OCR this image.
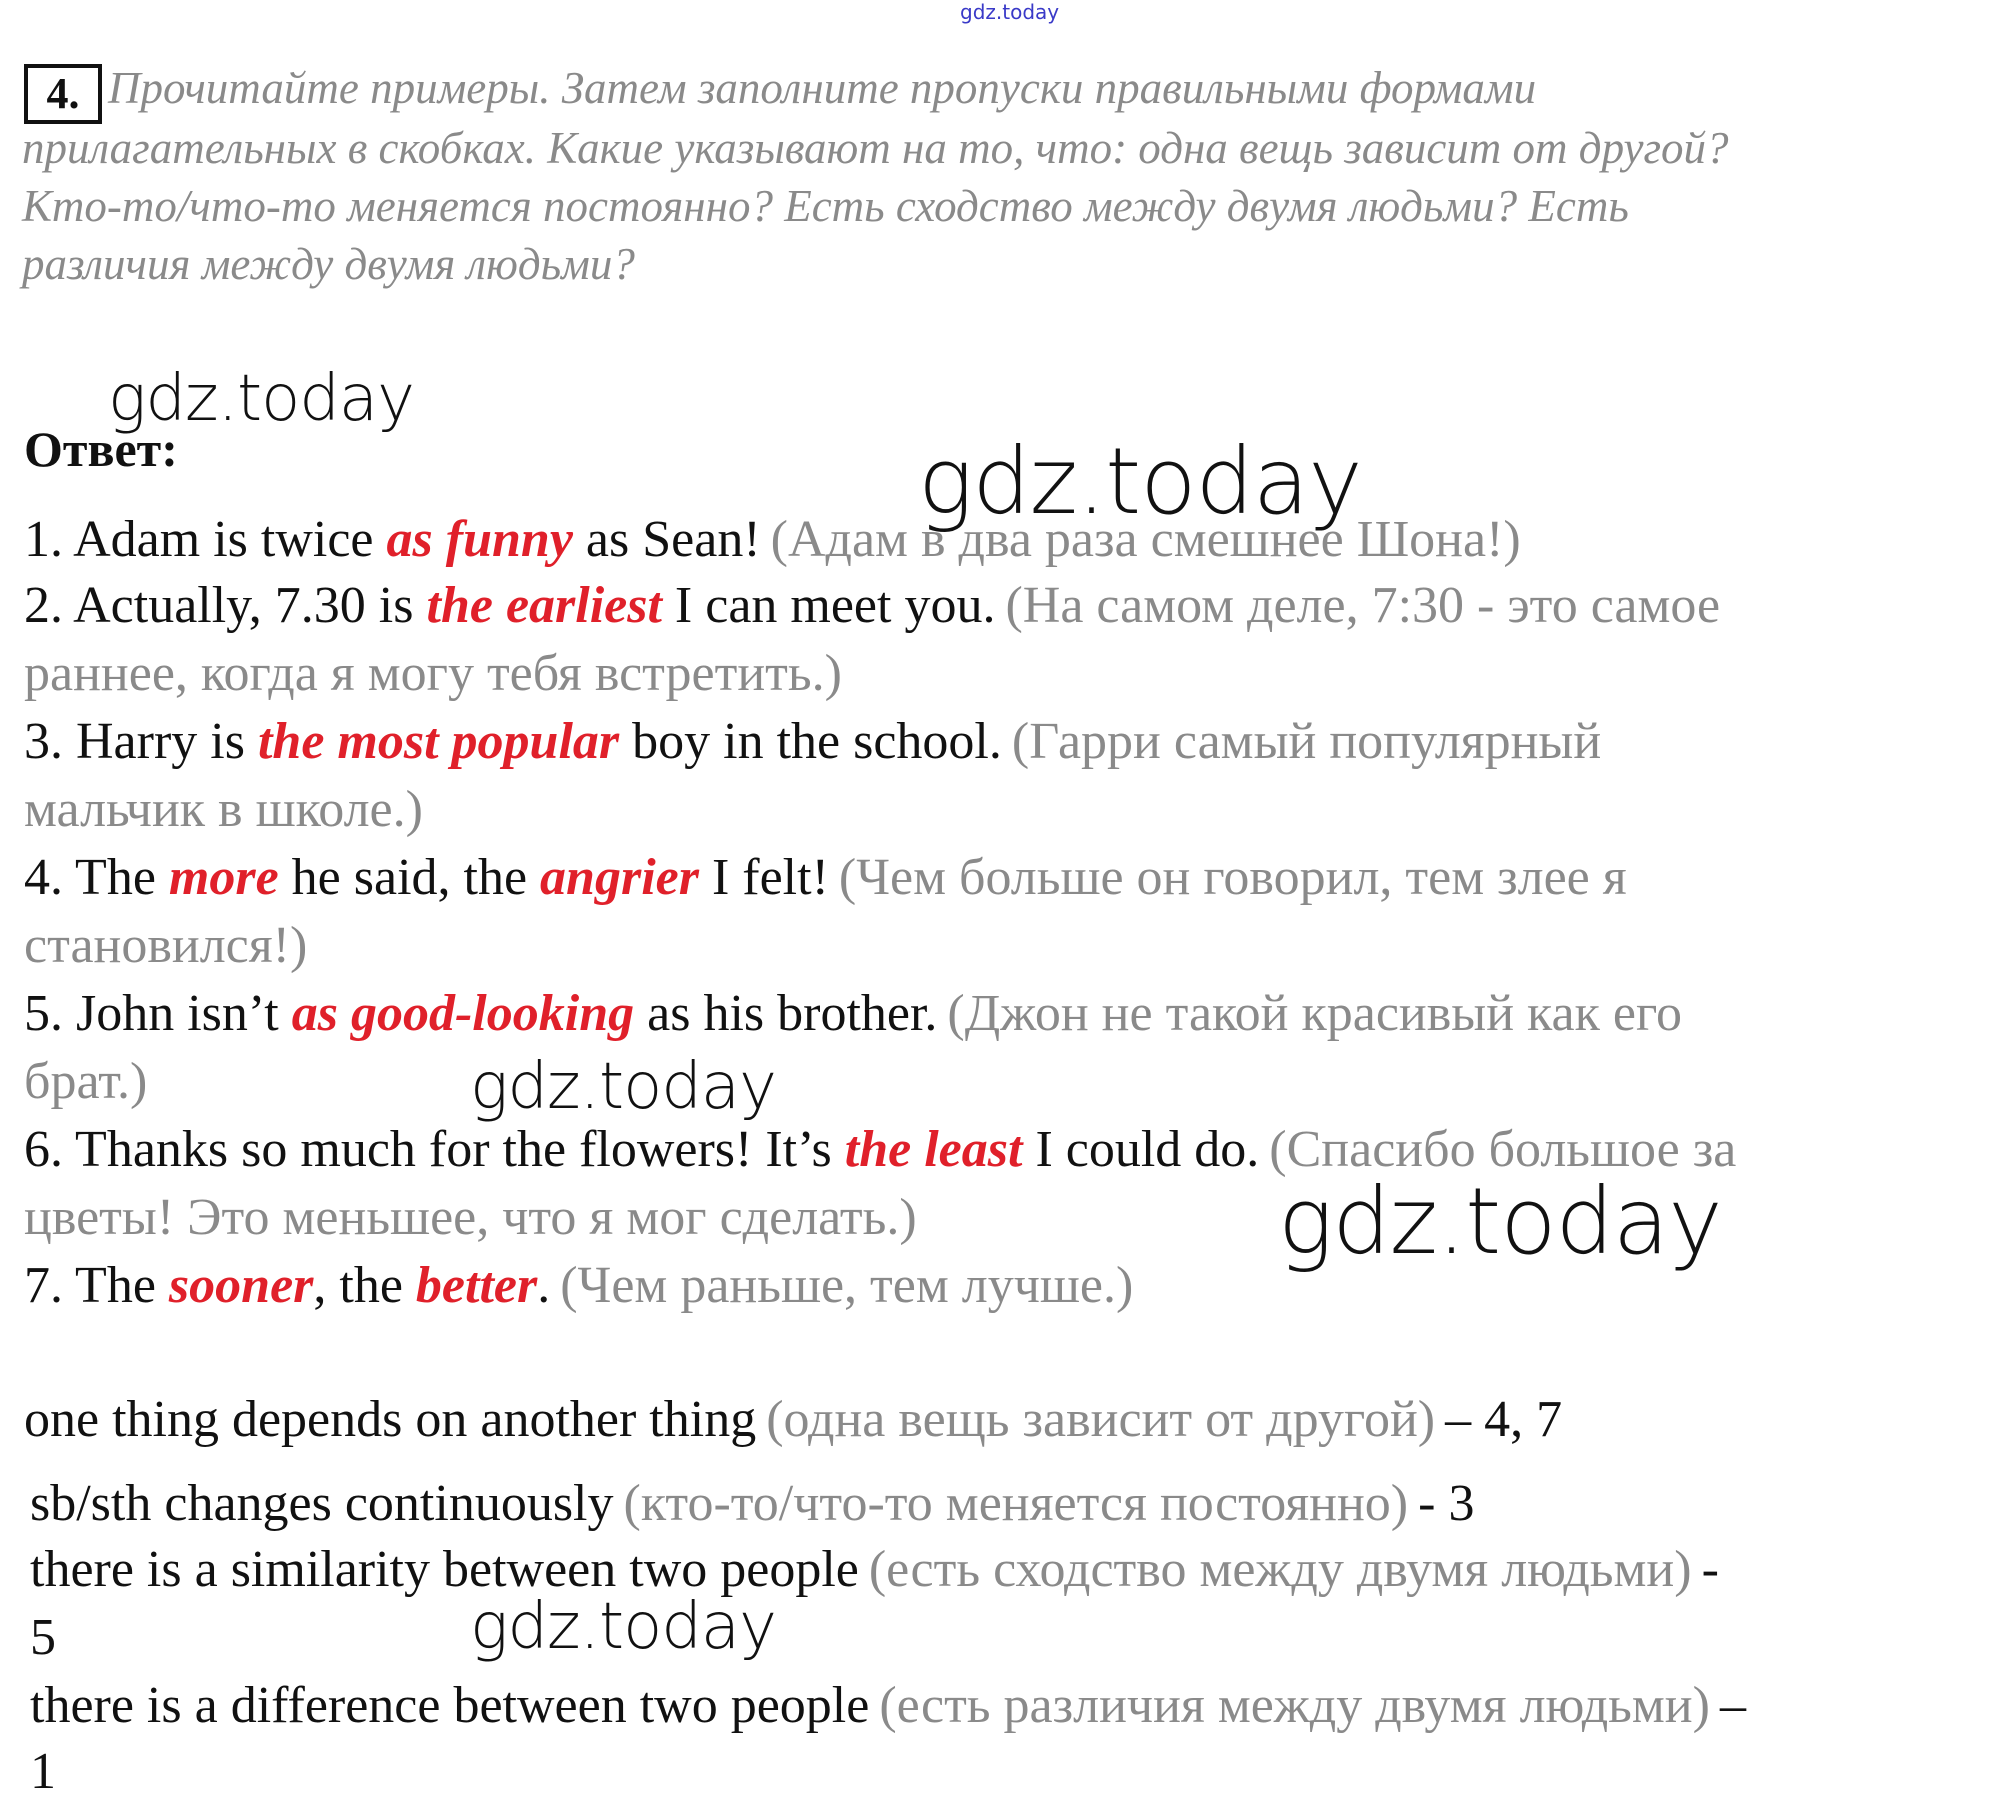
gdz.today
4. Прочитайте примеры. Затем заполните пропуски правильными формами
прилагательных в скобках. Какие указывают на то, что: одна вещь зависит от другой?
Кто-то/что-то меняется постоянно? Есть сходство между двумя людьми? Есть
различия между двумя людьми?
gdz.today
gdz.today
gdz.today
gdz.today
gdz.today
Ответ:
1. Adam is twice as funny as Sean! (Адам в два раза смешнее Шона!)
2. Actually, 7.30 is the earliest I can meet you. (На самом деле, 7:30 - это самое
раннее, когда я могу тебя встретить.)
3. Harry is the most popular boy in the school. (Гарри самый популярный
мальчик в школе.)
4. The more he said, the angrier I felt! (Чем больше он говорил, тем злее я
становился!)
5. John isn’t as good-looking as his brother. (Джон не такой красивый как его
брат.)
6. Thanks so much for the flowers! It’s the least I could do. (Спасибо большое за
цветы! Это меньшее, что я мог сделать.)
7. The sooner, the better. (Чем раньше, тем лучше.)
one thing depends on another thing (одна вещь зависит от другой) – 4, 7
sb/sth changes continuously (кто-то/что-то меняется постоянно) - 3
there is a similarity between two people (есть сходство между двумя людьми) -
5
there is a difference between two people (есть различия между двумя людьми) –
1
